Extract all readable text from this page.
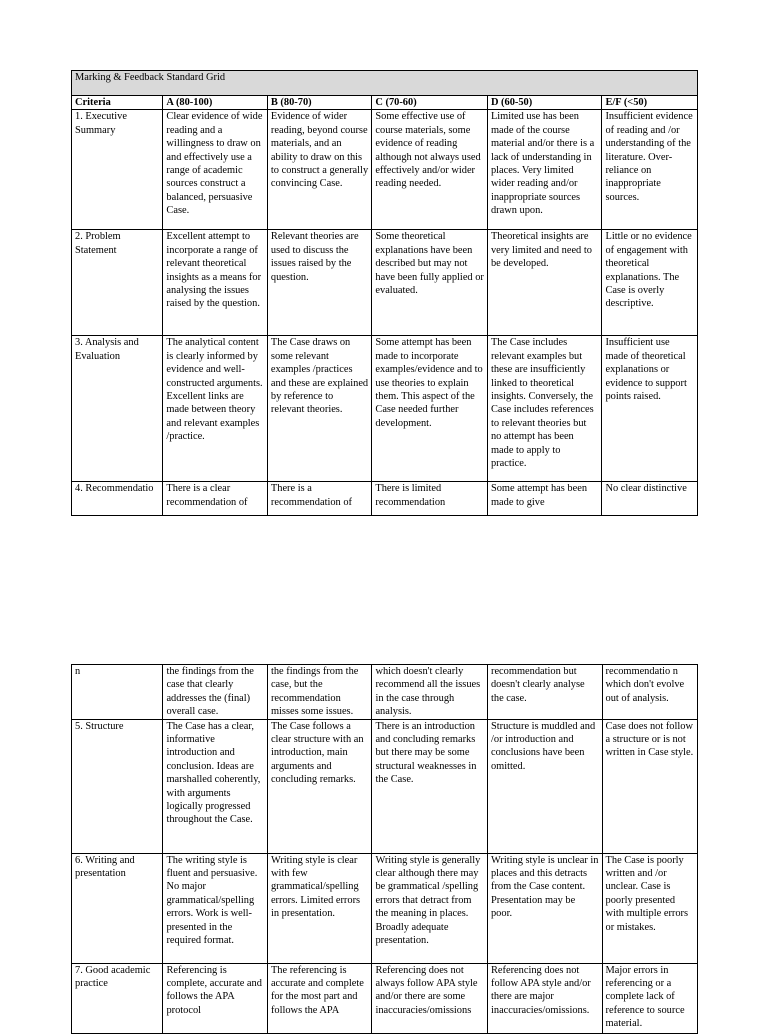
Marking & Feedback Standard Grid					
Criteria	A (80-100)	B (80-70)	C (70-60)	D (60-50)	E/F (<50)
1. Executive Summary	Clear evidence of wide reading and a willingness to draw on and effectively use a range of academic sources construct a balanced, persuasive Case.	Evidence of wider reading, beyond course materials, and an ability to draw on this to construct a generally convincing Case.	Some effective use of course materials, some evidence of reading although not always used effectively and/or wider reading needed.	Limited use has been made of the course material and/or there is a lack of understanding in places. Very limited wider reading and/or inappropriate sources drawn upon.	Insufficient evidence of reading and /or understanding of the literature. Over-reliance on inappropriate sources.
2. Problem Statement	Excellent attempt to incorporate a range of relevant theoretical insights as a means for analysing the issues raised by the question.	Relevant theories are used to discuss the issues raised by the question.	Some theoretical explanations have been described but may not have been fully applied or evaluated.	Theoretical insights are very limited and need to be developed.	Little or no evidence of engagement with theoretical explanations. The Case is overly descriptive.
3. Analysis and Evaluation	The analytical content is clearly informed by evidence and well-constructed arguments. Excellent links are made between theory and relevant examples /practice.	The Case draws on some relevant examples /practices and these are explained by reference to relevant theories.	Some attempt has been made to incorporate examples/evidence and to use theories to explain them. This aspect of the Case needed further development.	The Case includes relevant examples but these are insufficiently linked to theoretical insights. Conversely, the Case includes references to relevant theories but no attempt has been made to apply to practice.	Insufficient use made of theoretical explanations or evidence to support points raised.
4. Recommendatio	There is a clear recommendation of	There is a recommendation of	There is limited recommendation	Some attempt has been made to give	No clear distinctive
n	the findings from the case that clearly addresses the (final) overall case.	the findings from the case, but the recommendation misses some issues.	which doesn't clearly recommend all the issues in the case through analysis.	recommendation but doesn't clearly analyse the case.	recommendatio n which don't evolve out of analysis.
5. Structure	The Case has a clear, informative introduction and conclusion. Ideas are marshalled coherently, with arguments logically progressed throughout the Case.	The Case follows a clear structure with an introduction, main arguments and concluding remarks.	There is an introduction and concluding remarks but there may be some structural weaknesses in the Case.	Structure is muddled and /or introduction and conclusions have been omitted.	Case does not follow a structure or is not written in Case style.
6. Writing and presentation	The writing style is fluent and persuasive. No major grammatical/spelling errors. Work is well-presented in the required format.	Writing style is clear with few grammatical/spelling errors. Limited errors in presentation.	Writing style is generally clear although there may be grammatical /spelling errors that detract from the meaning in places. Broadly adequate presentation.	Writing style is unclear in places and this detracts from the Case content. Presentation may be poor.	The Case is poorly written and /or unclear. Case is poorly presented with multiple errors or mistakes.
7. Good academic practice	Referencing is complete, accurate and follows the APA protocol	The referencing is accurate and complete for the most part and follows the APA	Referencing does not always follow APA style and/or there are some inaccuracies/omissions	Referencing does not follow APA style and/or there are major inaccuracies/omissions.	Major errors in referencing or a complete lack of reference to source material.
